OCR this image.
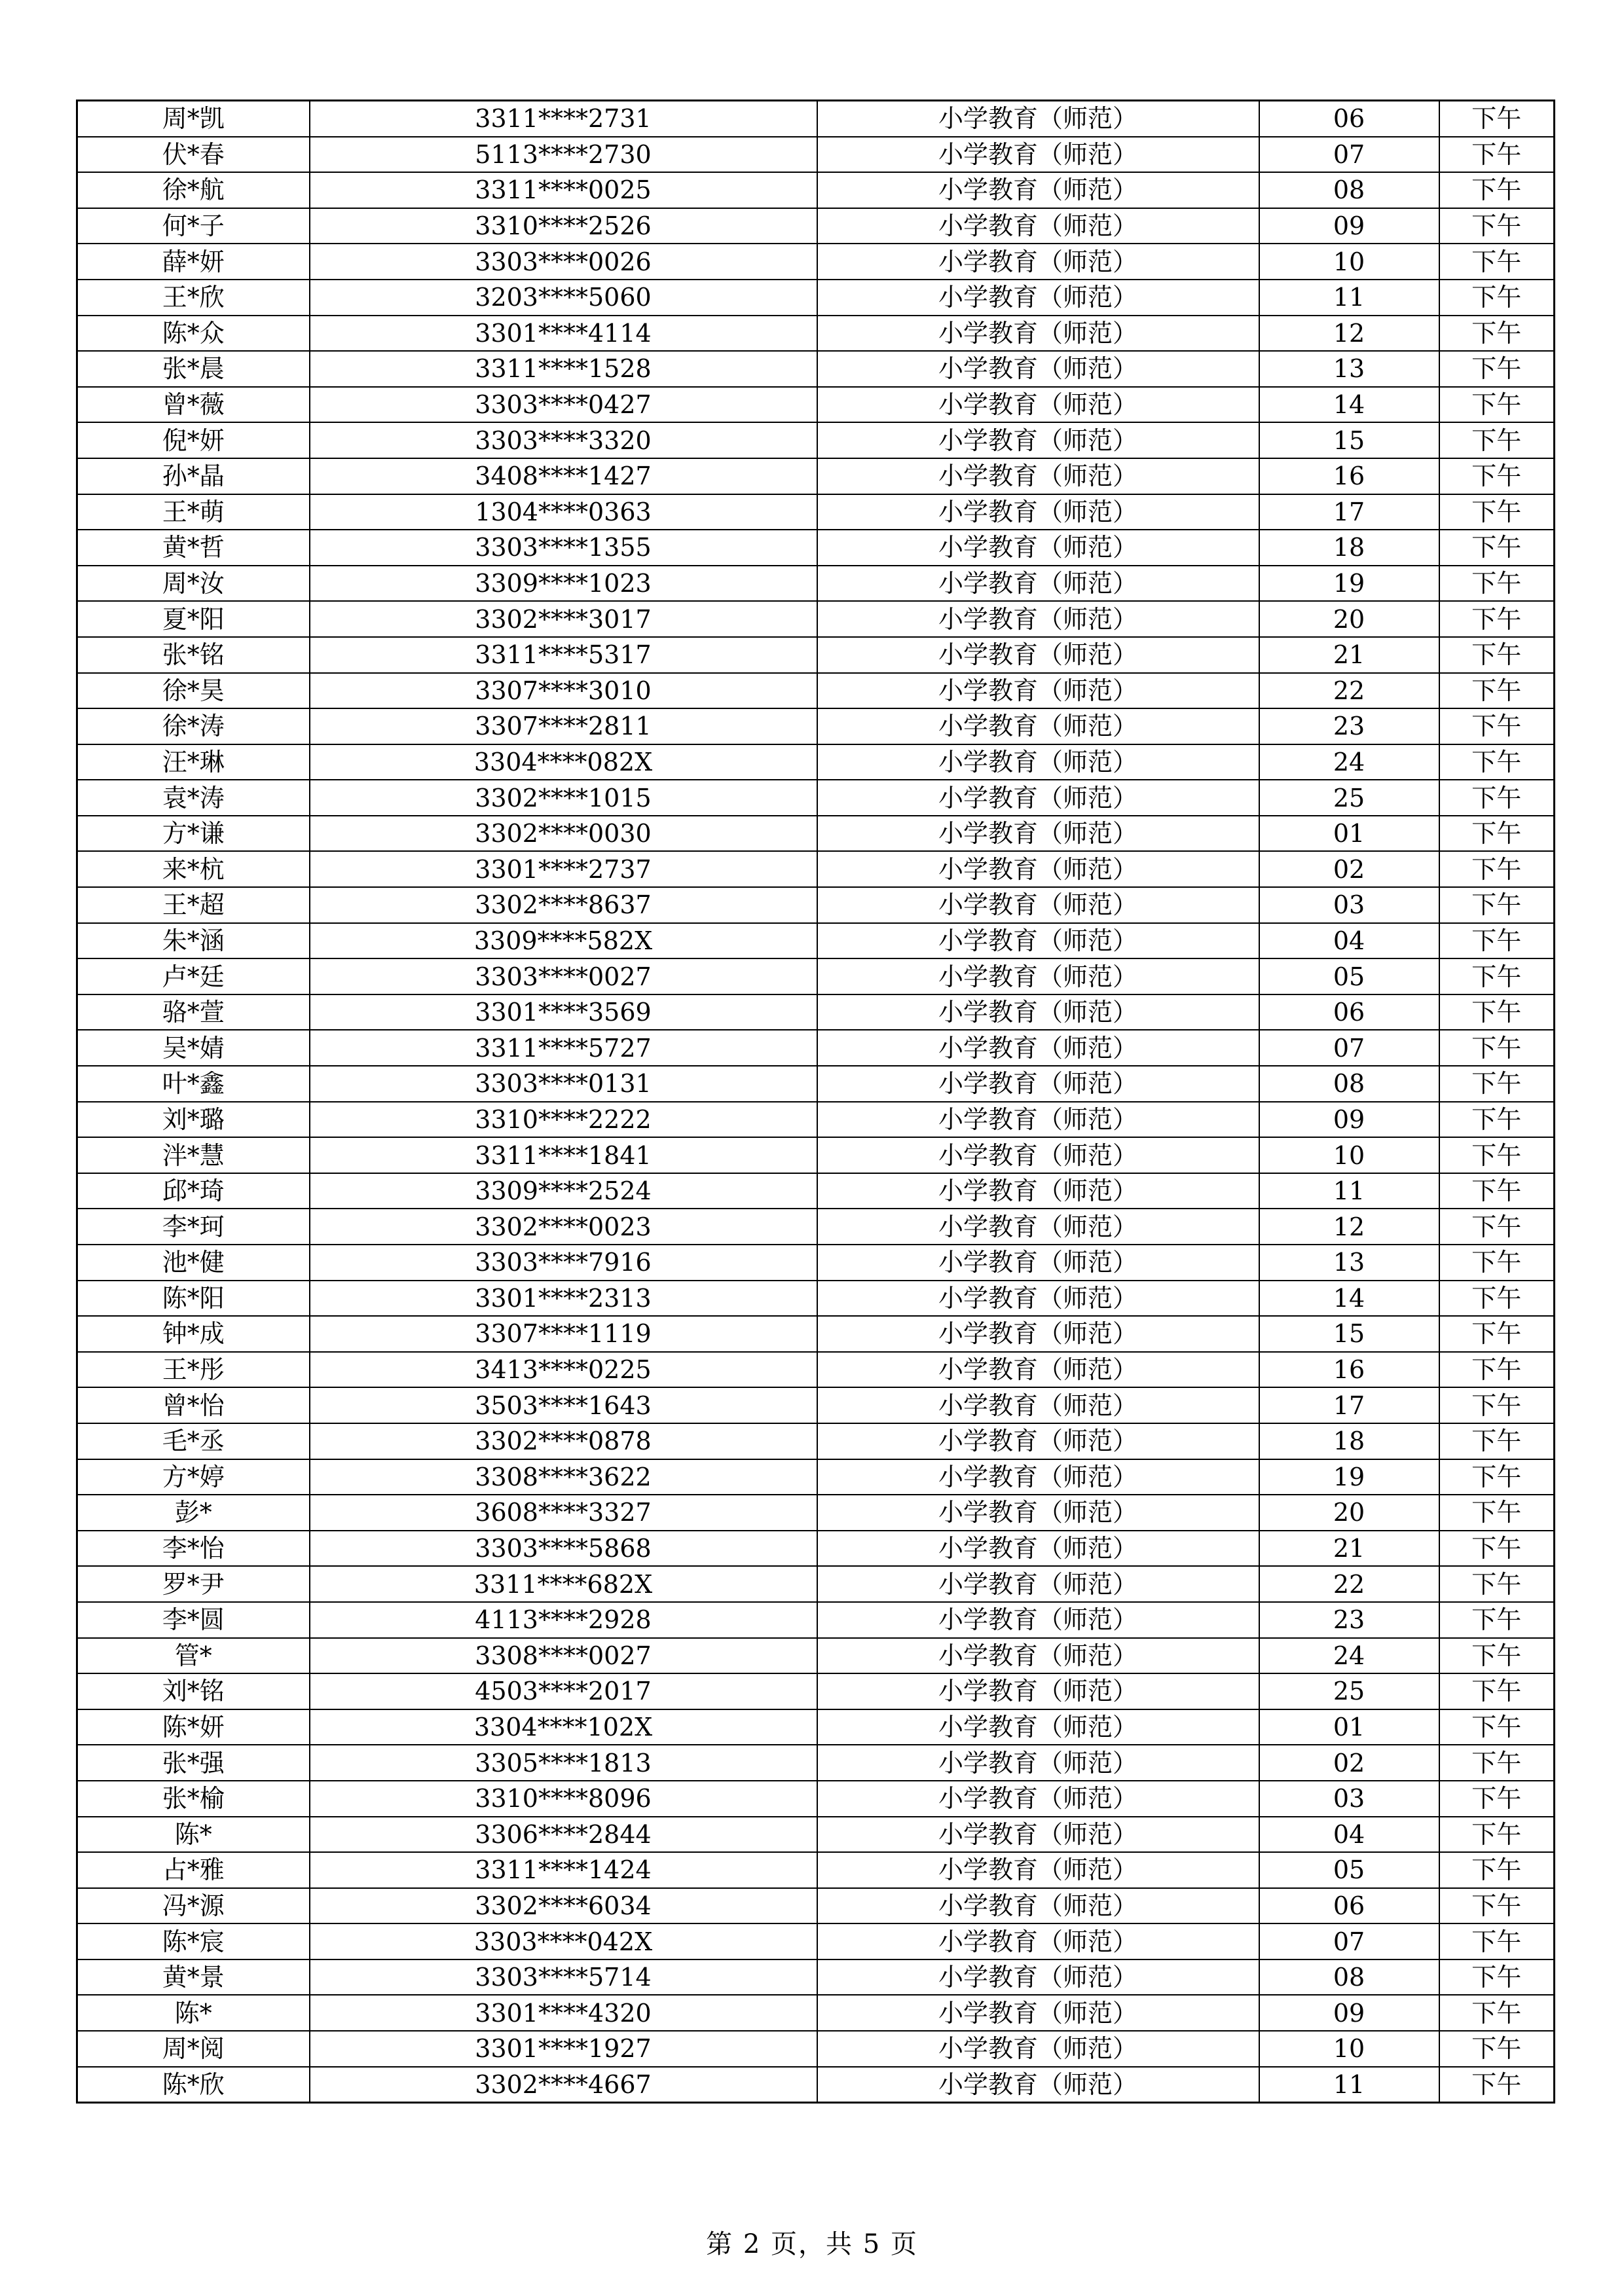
周*凯	3311****2731	小学教育（师范）	06	下午
伏*春	5113****2730	小学教育（师范）	07	下午
徐*航	3311****0025	小学教育（师范）	08	下午
何*子	3310****2526	小学教育（师范）	09	下午
薛*妍	3303****0026	小学教育（师范）	10	下午
王*欣	3203****5060	小学教育（师范）	11	下午
陈*众	3301****4114	小学教育（师范）	12	下午
张*晨	3311****1528	小学教育（师范）	13	下午
曾*薇	3303****0427	小学教育（师范）	14	下午
倪*妍	3303****3320	小学教育（师范）	15	下午
孙*晶	3408****1427	小学教育（师范）	16	下午
王*萌	1304****0363	小学教育（师范）	17	下午
黄*哲	3303****1355	小学教育（师范）	18	下午
周*汝	3309****1023	小学教育（师范）	19	下午
夏*阳	3302****3017	小学教育（师范）	20	下午
张*铭	3311****5317	小学教育（师范）	21	下午
徐*昊	3307****3010	小学教育（师范）	22	下午
徐*涛	3307****2811	小学教育（师范）	23	下午
汪*琳	3304****082X	小学教育（师范）	24	下午
袁*涛	3302****1015	小学教育（师范）	25	下午
方*谦	3302****0030	小学教育（师范）	01	下午
来*杭	3301****2737	小学教育（师范）	02	下午
王*超	3302****8637	小学教育（师范）	03	下午
朱*涵	3309****582X	小学教育（师范）	04	下午
卢*廷	3303****0027	小学教育（师范）	05	下午
骆*萱	3301****3569	小学教育（师范）	06	下午
吴*婧	3311****5727	小学教育（师范）	07	下午
叶*鑫	3303****0131	小学教育（师范）	08	下午
刘*璐	3310****2222	小学教育（师范）	09	下午
泮*慧	3311****1841	小学教育（师范）	10	下午
邱*琦	3309****2524	小学教育（师范）	11	下午
李*珂	3302****0023	小学教育（师范）	12	下午
池*健	3303****7916	小学教育（师范）	13	下午
陈*阳	3301****2313	小学教育（师范）	14	下午
钟*成	3307****1119	小学教育（师范）	15	下午
王*彤	3413****0225	小学教育（师范）	16	下午
曾*怡	3503****1643	小学教育（师范）	17	下午
毛*丞	3302****0878	小学教育（师范）	18	下午
方*婷	3308****3622	小学教育（师范）	19	下午
彭*	3608****3327	小学教育（师范）	20	下午
李*怡	3303****5868	小学教育（师范）	21	下午
罗*尹	3311****682X	小学教育（师范）	22	下午
李*圆	4113****2928	小学教育（师范）	23	下午
管*	3308****0027	小学教育（师范）	24	下午
刘*铭	4503****2017	小学教育（师范）	25	下午
陈*妍	3304****102X	小学教育（师范）	01	下午
张*强	3305****1813	小学教育（师范）	02	下午
张*榆	3310****8096	小学教育（师范）	03	下午
陈*	3306****2844	小学教育（师范）	04	下午
占*雅	3311****1424	小学教育（师范）	05	下午
冯*源	3302****6034	小学教育（师范）	06	下午
陈*宸	3303****042X	小学教育（师范）	07	下午
黄*景	3303****5714	小学教育（师范）	08	下午
陈*	3301****4320	小学教育（师范）	09	下午
周*阅	3301****1927	小学教育（师范）	10	下午
陈*欣	3302****4667	小学教育（师范）	11	下午
第 2 页，共 5 页
